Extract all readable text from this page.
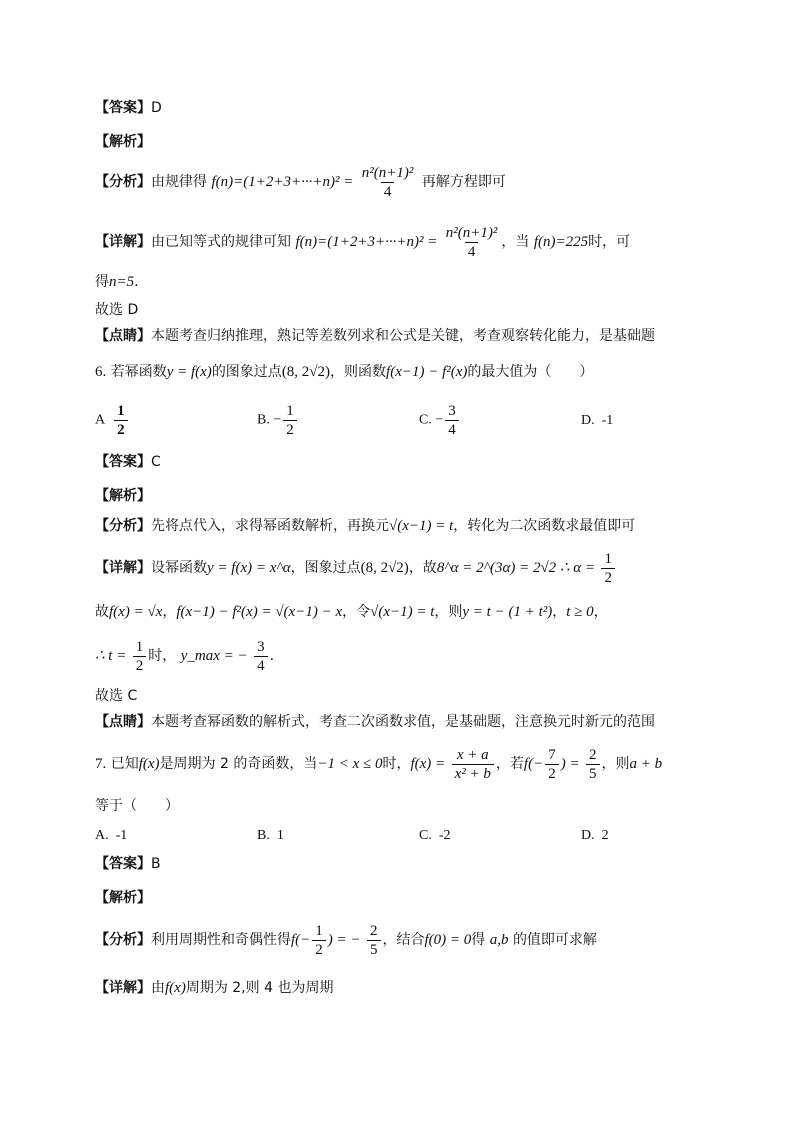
【答案】D
【解析】
【分析】由规律得 $f(n)=(1+2+3+\cdot\cdot\cdot+n)^2 = \frac{\text{n²(n+1)²}}{4}$ 再解方程即可
【详解】由已知等式的规律可知 $f(n)=(1+2+3+\cdot\cdot\cdot+n)^2 = \frac{\text{n²(n+1)²}}{4}$ ，当 f(n)=225时，可
得n=5.
故选 D
【点睛】本题考查归纳推理，熟记等差数列求和公式是关键，考查观察转化能力，是基础题
6. 若幂函数y = f(x)的图象过点(8, 2√2)，则函数f(x−1) − f²(x)的最大值为（　　）
A $\frac{1}{2}$	B. − $\frac{1}{2}$	C. − $\frac{3}{4}$	D. -1
【答案】C
【解析】
【分析】先将点代入，求得幂函数解析，再换元√(x−1) = t，转化为二次函数求最值即可
【详解】设幂函数y = f(x) = x^α，图象过点(8, 2√2)，故8^α = 2^(3α) = 2√2 ∴ $\alpha = \frac{1}{2}$
故f(x) = √x，f(x−1) − f²(x) = √(x−1) − x，令√(x−1) = t，则y = t − (1 + t²)，t ≥ 0，
∴ $t = \frac{1}{2}$ 时， y_max = − $\frac{3}{4}$ .
故选 C
【点睛】本题考查幂函数的解析式，考查二次函数求值，是基础题，注意换元时新元的范围
7. 已知f(x)是周期为 2 的奇函数，当−1 < x ≤ 0时，$f(x) = \frac{x + a}{\text{x² + b}}$ ，若$f(- \frac{7}{2}$ ) = $\frac{2}{5}$ ，则a + b
等于（　　）
A. -1	B. 1	C. -2	D. 2
【答案】B
【解析】
【分析】利用周期性和奇偶性得$f(- \frac{1}{2}$ ) = − $\frac{2}{5}$ ，结合f(0) = 0得 a,b 的值即可求解
【详解】由f(x)周期为 2,则 4 也为周期
